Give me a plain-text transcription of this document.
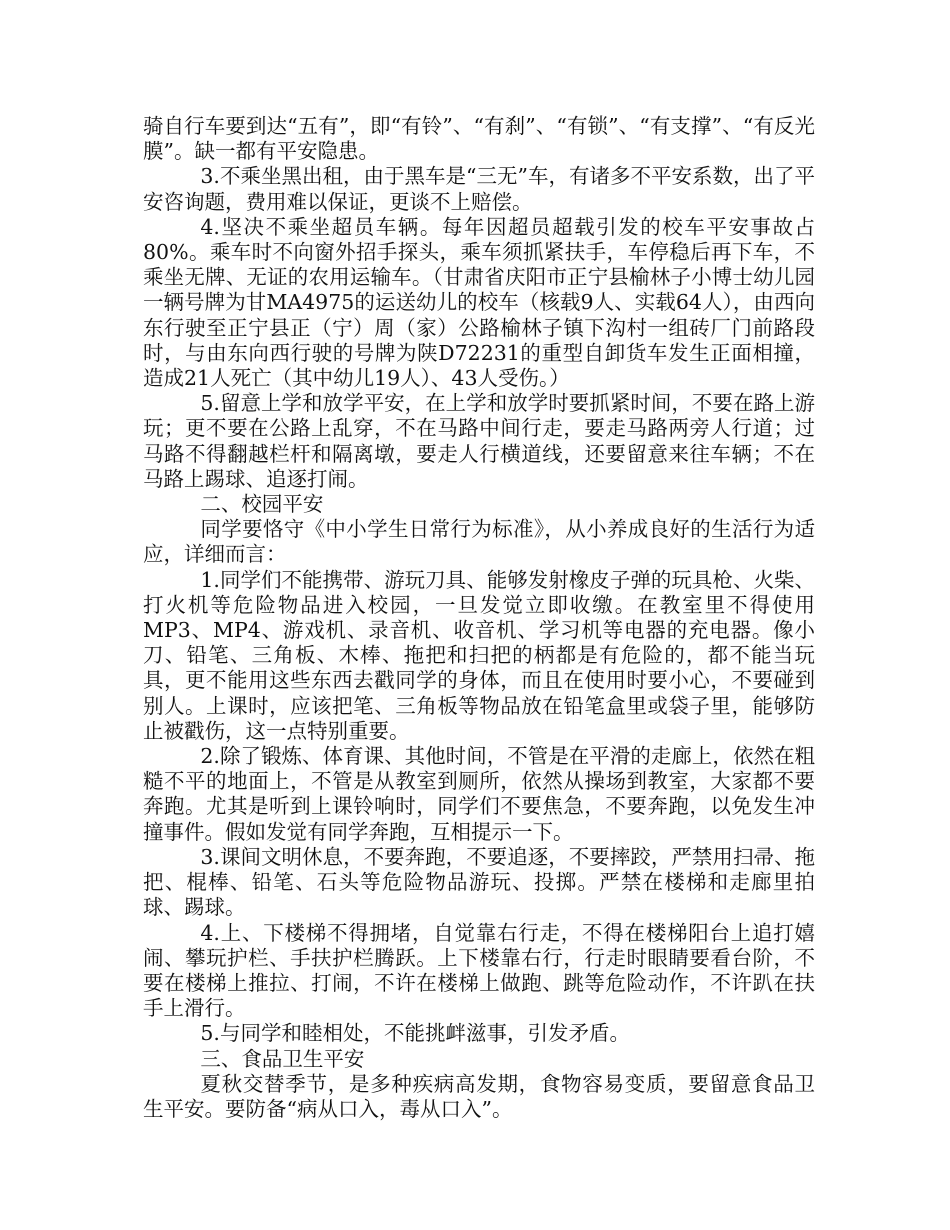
骑自行车要到达“五有”，即“有铃”、“有刹”、“有锁”、“有支撑”、“有反光膜”。缺一都有平安隐患。

3.不乘坐黑出租，由于黑车是“三无”车，有诸多不平安系数，出了平安咨询题，费用难以保证，更谈不上赔偿。

4.坚决不乘坐超员车辆。每年因超员超载引发的校车平安事故占80%。乘车时不向窗外招手探头，乘车须抓紧扶手，车停稳后再下车，不乘坐无牌、无证的农用运输车。（甘肃省庆阳市正宁县榆林子小博士幼儿园一辆号牌为甘MA4975的运送幼儿的校车（核载9人、实载64人），由西向东行驶至正宁县正（宁）周（家）公路榆林子镇下沟村一组砖厂门前路段时，与由东向西行驶的号牌为陕D72231的重型自卸货车发生正面相撞，造成21人死亡（其中幼儿19人）、43人受伤。）

5.留意上学和放学平安，在上学和放学时要抓紧时间，不要在路上游玩；更不要在公路上乱穿，不在马路中间行走，要走马路两旁人行道；过马路不得翻越栏杆和隔离墩，要走人行横道线，还要留意来往车辆；不在马路上踢球、追逐打闹。

二、校园平安

同学要恪守《中小学生日常行为标准》，从小养成良好的生活行为适应，详细而言：

1.同学们不能携带、游玩刀具、能够发射橡皮子弹的玩具枪、火柴、打火机等危险物品进入校园，一旦发觉立即收缴。在教室里不得使用MP3、MP4、游戏机、录音机、收音机、学习机等电器的充电器。像小刀、铅笔、三角板、木棒、拖把和扫把的柄都是有危险的，都不能当玩具，更不能用这些东西去戳同学的身体，而且在使用时要小心，不要碰到别人。上课时，应该把笔、三角板等物品放在铅笔盒里或袋子里，能够防止被戳伤，这一点特别重要。

2.除了锻炼、体育课、其他时间，不管是在平滑的走廊上，依然在粗糙不平的地面上，不管是从教室到厕所，依然从操场到教室，大家都不要奔跑。尤其是听到上课铃响时，同学们不要焦急，不要奔跑，以免发生冲撞事件。假如发觉有同学奔跑，互相提示一下。

3.课间文明休息，不要奔跑，不要追逐，不要摔跤，严禁用扫帚、拖把、棍棒、铅笔、石头等危险物品游玩、投掷。严禁在楼梯和走廊里拍球、踢球。

4.上、下楼梯不得拥堵，自觉靠右行走，不得在楼梯阳台上追打嬉闹、攀玩护栏、手扶护栏腾跃。上下楼靠右行，行走时眼睛要看台阶，不要在楼梯上推拉、打闹，不许在楼梯上做跑、跳等危险动作，不许趴在扶手上滑行。

5.与同学和睦相处，不能挑衅滋事，引发矛盾。

三、食品卫生平安

夏秋交替季节，是多种疾病高发期，食物容易变质，要留意食品卫生平安。要防备“病从口入，毒从口入”。
